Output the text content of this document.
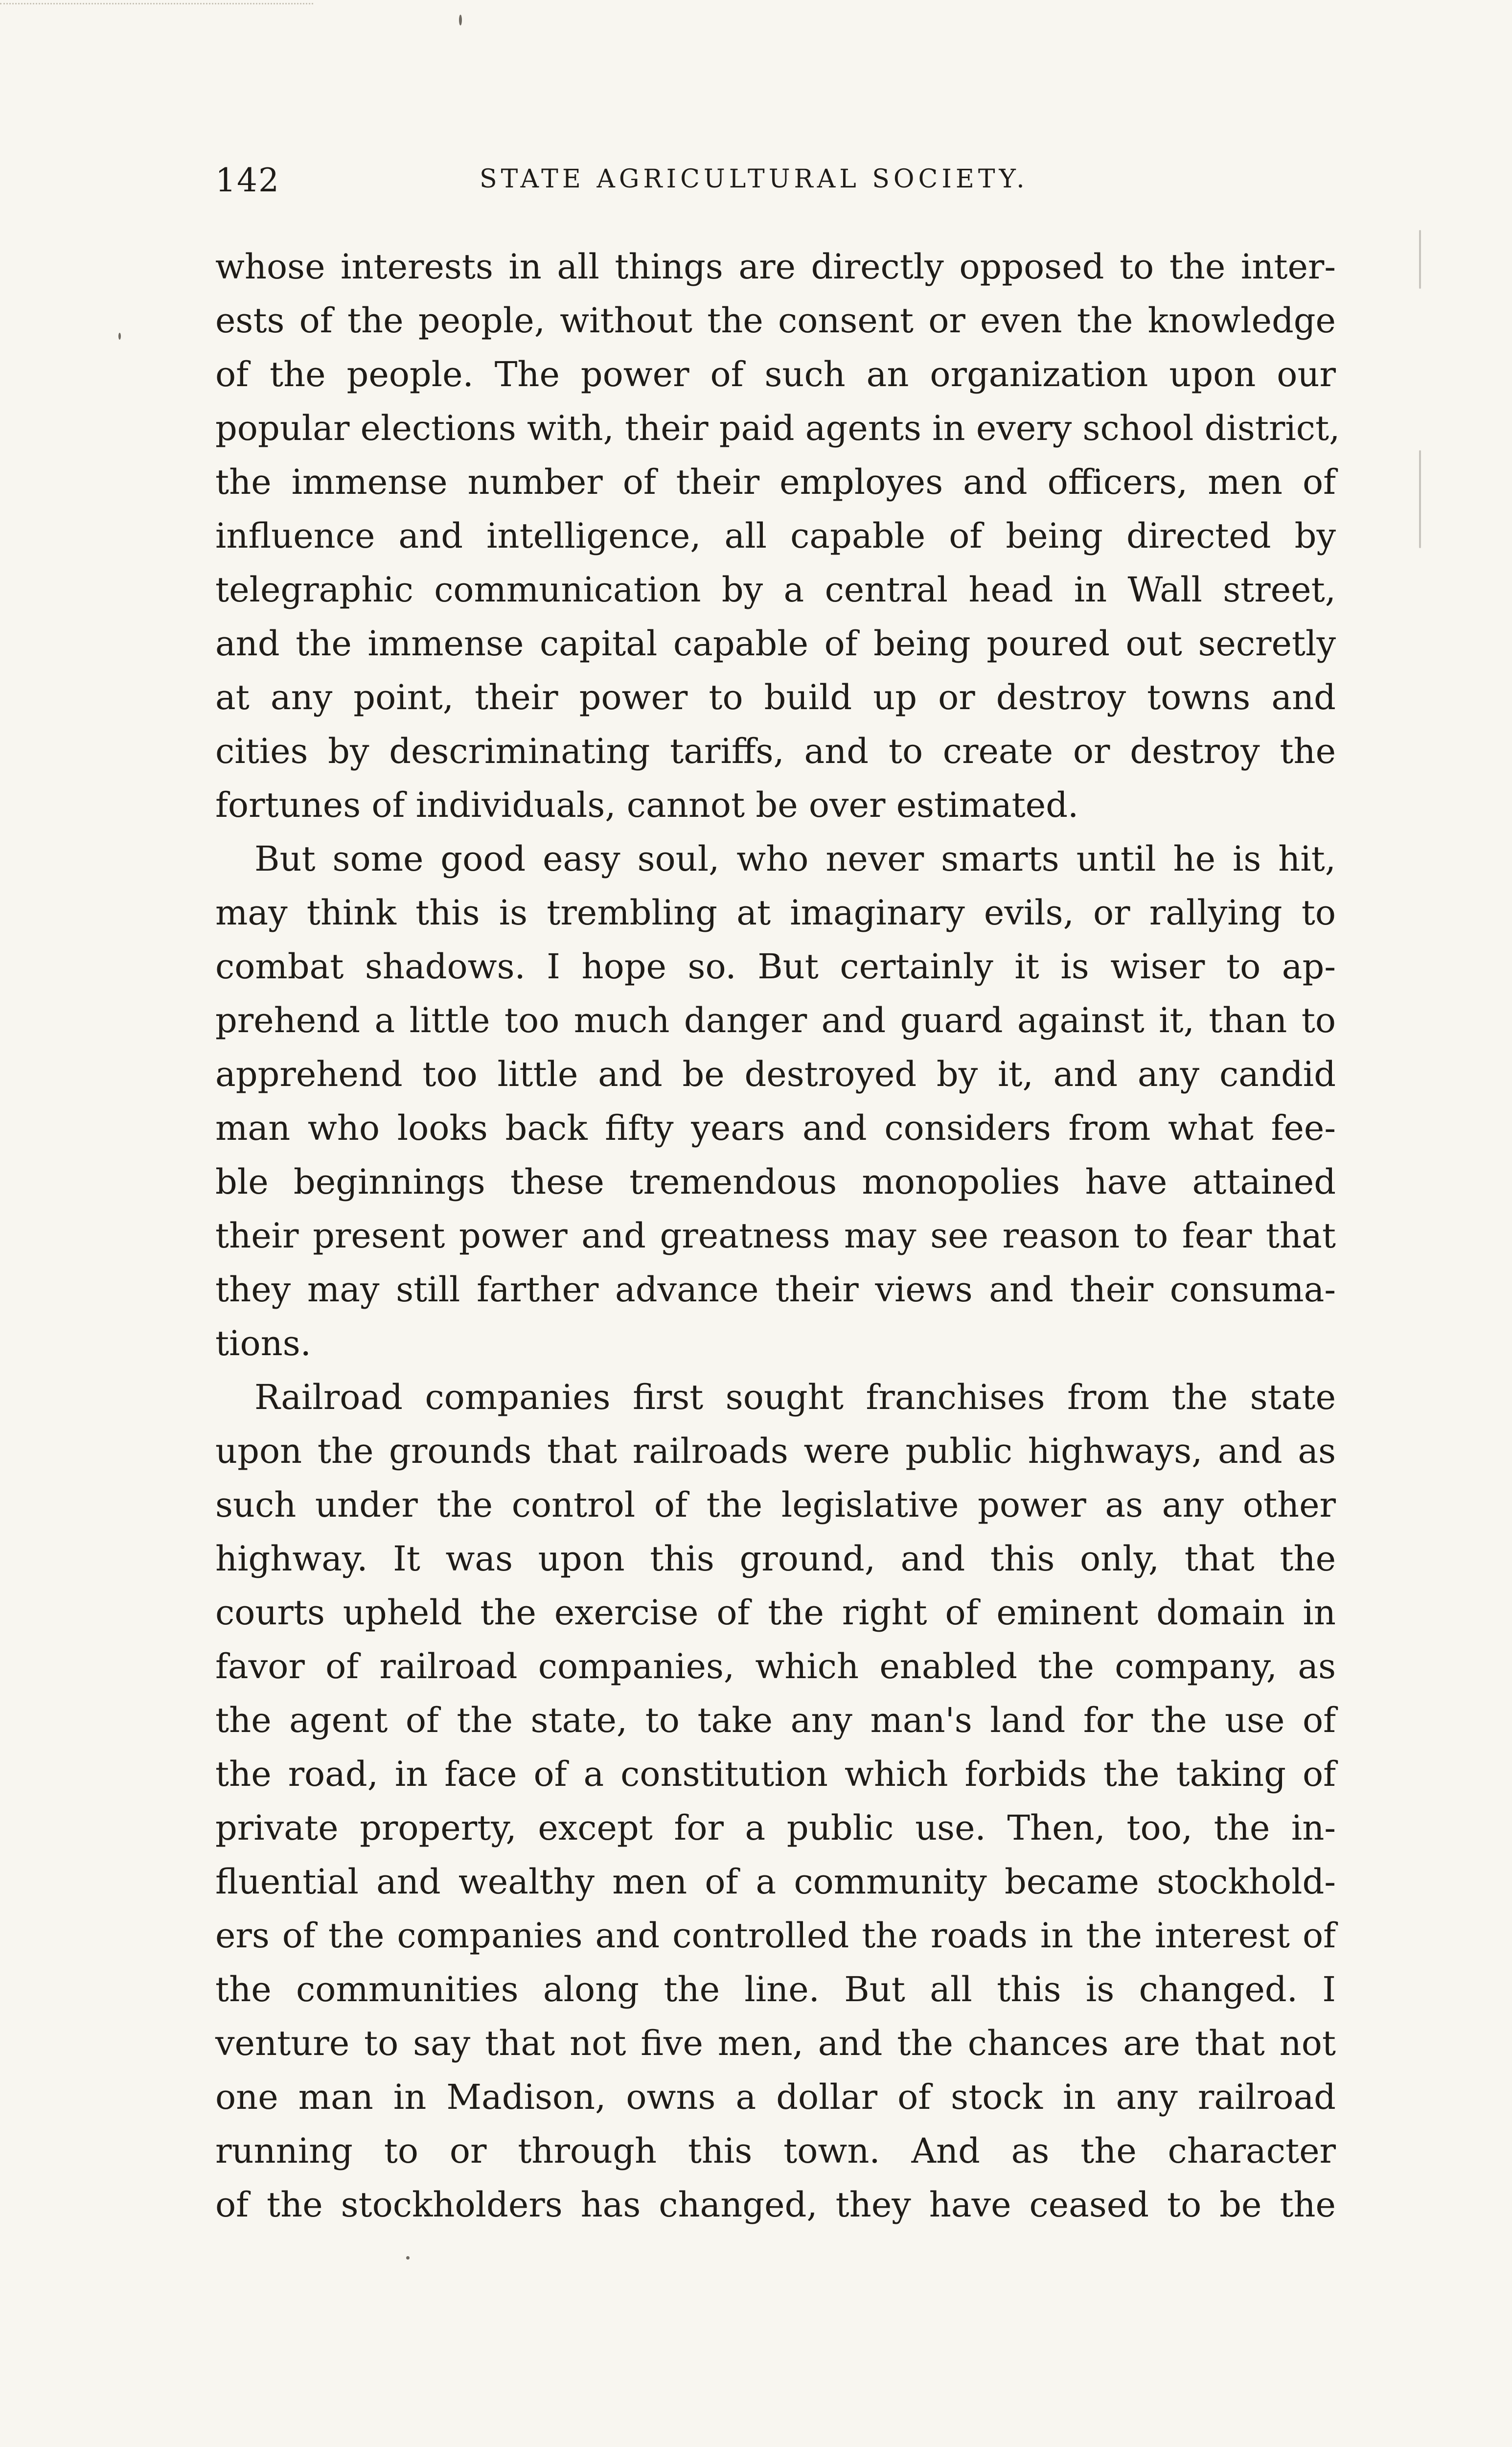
142	STATE AGRICULTURAL SOCIETY.
whose interests in all things are directly opposed to the inter-
ests of the people, without the consent or even the knowledge
of the people. The power of such an organization upon our
popular elections with, their paid agents in every school district,
the immense number of their employes and officers, men of
influence and intelligence, all capable of being directed by
telegraphic communication by a central head in Wall street,
and the immense capital capable of being poured out secretly
at any point, their power to build up or destroy towns and
cities by descriminating tariffs, and to create or destroy the
fortunes of individuals, cannot be over estimated.
But some good easy soul, who never smarts until he is hit,
may think this is trembling at imaginary evils, or rallying to
combat shadows. I hope so. But certainly it is wiser to ap-
prehend a little too much danger and guard against it, than to
apprehend too little and be destroyed by it, and any candid
man who looks back fifty years and considers from what fee-
ble beginnings these tremendous monopolies have attained
their present power and greatness may see reason to fear that
they may still farther advance their views and their consuma-
tions.
Railroad companies first sought franchises from the state
upon the grounds that railroads were public highways, and as
such under the control of the legislative power as any other
highway. It was upon this ground, and this only, that the
courts upheld the exercise of the right of eminent domain in
favor of railroad companies, which enabled the company, as
the agent of the state, to take any man's land for the use of
the road, in face of a constitution which forbids the taking of
private property, except for a public use. Then, too, the in-
fluential and wealthy men of a community became stockhold-
ers of the companies and controlled the roads in the interest of
the communities along the line. But all this is changed. I
venture to say that not five men, and the chances are that not
one man in Madison, owns a dollar of stock in any railroad
running to or through this town. And as the character
of the stockholders has changed, they have ceased to be the
